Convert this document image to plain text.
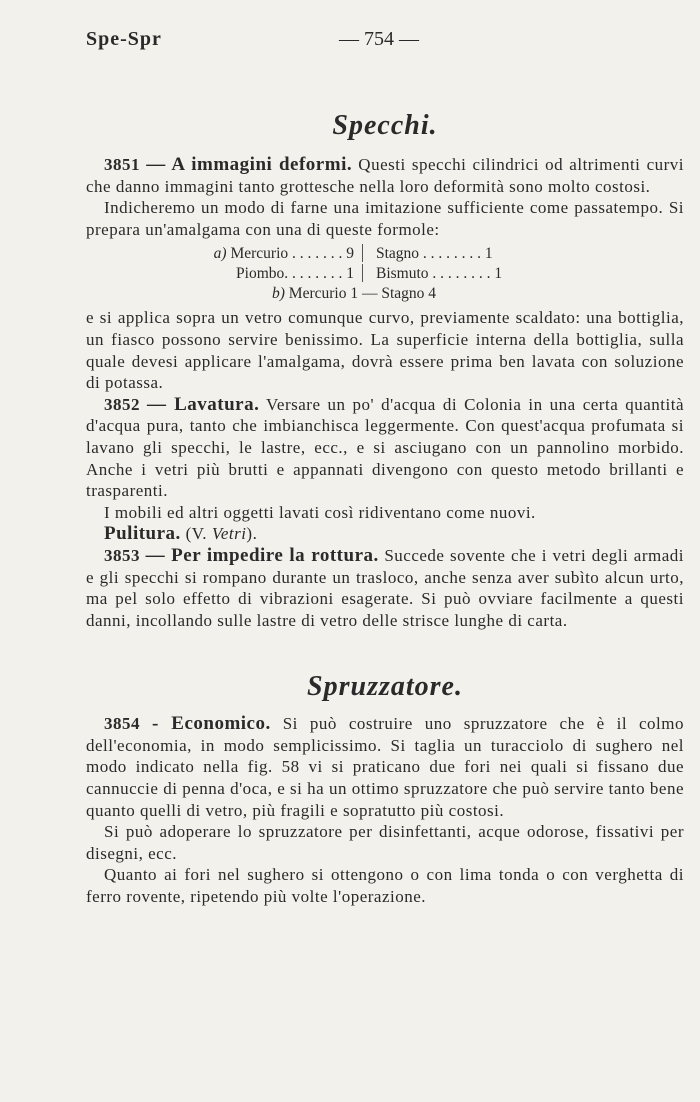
Spe-Spr	— 754 —
Specchi.

3851 — A immagini deformi. Questi specchi cilindrici od altrimenti curvi che danno immagini tanto grottesche nella loro deformità sono molto costosi.

Indicheremo un modo di farne una imitazione sufficiente come passatempo. Si prepara un'amalgama con una di queste formole:

a) Mercurio . . . . . . . 9 Stagno . . . . . . . . 1
Piombo. . . . . . . . 1 Bismuto . . . . . . . . 1
b) Mercurio 1 — Stagno 4

e si applica sopra un vetro comunque curvo, previamente scaldato: una bottiglia, un fiasco possono servire benissimo. La superficie interna della bottiglia, sulla quale devesi applicare l'amalgama, dovrà essere prima ben lavata con soluzione di potassa.

3852 — Lavatura. Versare un po' d'acqua di Colonia in una certa quantità d'acqua pura, tanto che imbianchisca leggermente. Con quest'acqua profumata si lavano gli specchi, le lastre, ecc., e si asciugano con un pannolino morbido. Anche i vetri più brutti e appannati divengono con questo metodo brillanti e trasparenti.

I mobili ed altri oggetti lavati così ridiventano come nuovi.

Pulitura. (V. Vetri).

3853 — Per impedire la rottura. Succede sovente che i vetri degli armadi e gli specchi si rompano durante un trasloco, anche senza aver subìto alcun urto, ma pel solo effetto di vibrazioni esagerate. Si può ovviare facilmente a questi danni, incollando sulle lastre di vetro delle strisce lunghe di carta.

Spruzzatore.

3854 - Economico. Si può costruire uno spruzzatore che è il colmo dell'economia, in modo semplicissimo. Si taglia un turacciolo di sughero nel modo indicato nella fig. 58 vi si praticano due fori nei quali si fissano due cannuccie di penna d'oca, e si ha un ottimo spruzzatore che può servire tanto bene quanto quelli di vetro, più fragili e sopratutto più costosi.

Si può adoperare lo spruzzatore per disinfettanti, acque odorose, fissativi per disegni, ecc.

Quanto ai fori nel sughero si ottengono o con lima tonda o con verghetta di ferro rovente, ripetendo più volte l'operazione.
